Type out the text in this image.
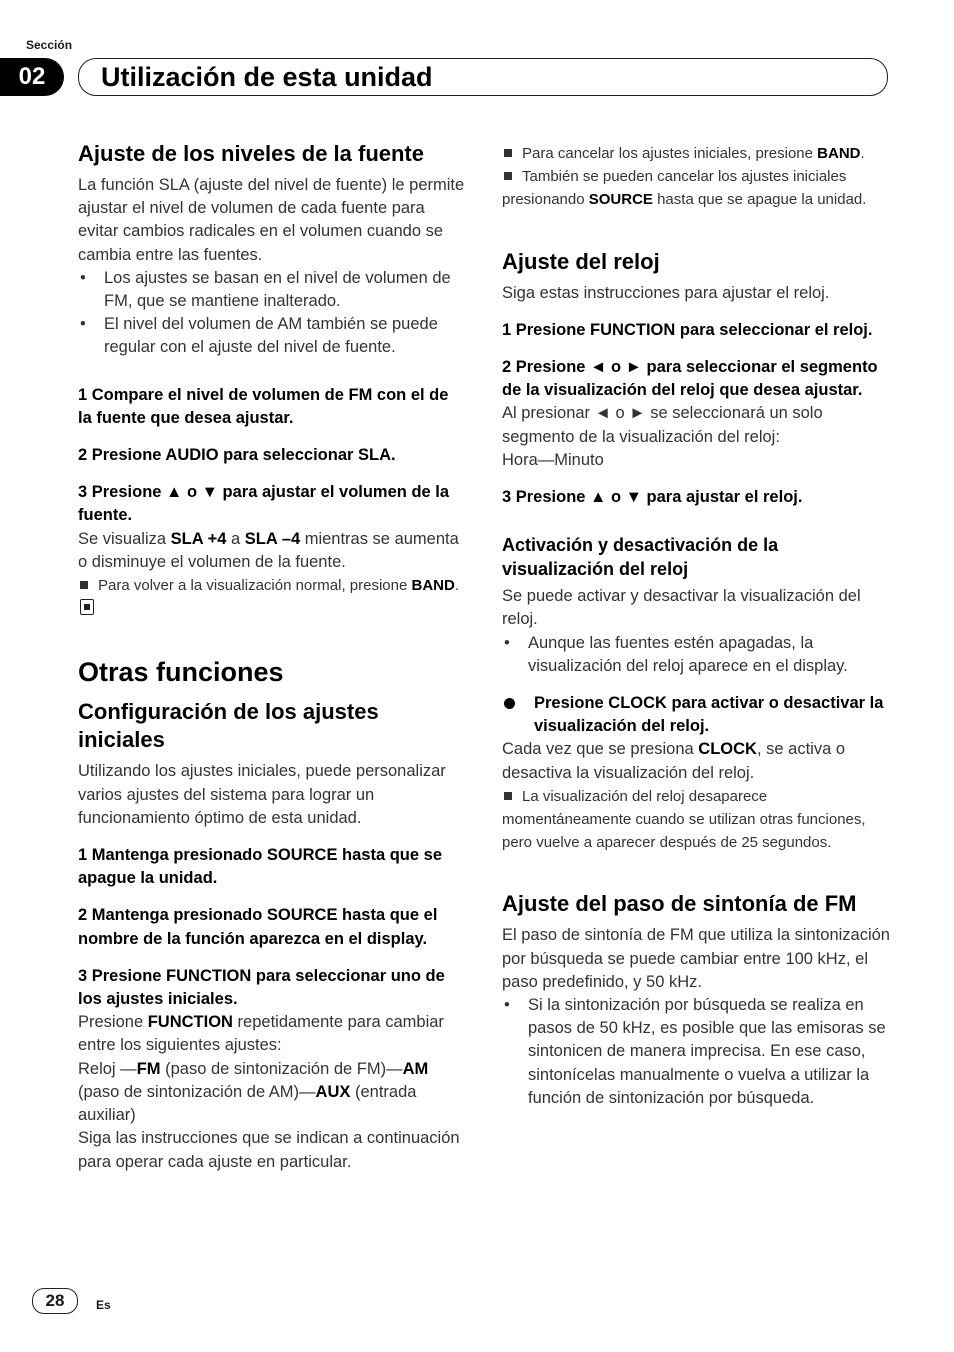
Sección
02	Utilización de esta unidad
Ajuste de los niveles de la fuente

La función SLA (ajuste del nivel de fuente) le permite ajustar el nivel de volumen de cada fuente para evitar cambios radicales en el volumen cuando se cambia entre las fuentes.

• Los ajustes se basan en el nivel de volumen de FM, que se mantiene inalterado.
• El nivel del volumen de AM también se puede regular con el ajuste del nivel de fuente.

1 Compare el nivel de volumen de FM con el de la fuente que desea ajustar.

2 Presione AUDIO para seleccionar SLA.

3 Presione ▲ o ▼ para ajustar el volumen de la fuente.

Se visualiza SLA +4 a SLA –4 mientras se aumenta o disminuye el volumen de la fuente.

Para volver a la visualización normal, presione BAND.

Otras funciones
Configuración de los ajustes iniciales

Utilizando los ajustes iniciales, puede personalizar varios ajustes del sistema para lograr un funcionamiento óptimo de esta unidad.

1 Mantenga presionado SOURCE hasta que se apague la unidad.

2 Mantenga presionado SOURCE hasta que el nombre de la función aparezca en el display.

3 Presione FUNCTION para seleccionar uno de los ajustes iniciales.

Presione FUNCTION repetidamente para cambiar entre los siguientes ajustes:

Reloj —FM (paso de sintonización de FM)—AM (paso de sintonización de AM)—AUX (entrada auxiliar)

Siga las instrucciones que se indican a continuación para operar cada ajuste en particular.

Para cancelar los ajustes iniciales, presione BAND.

También se pueden cancelar los ajustes iniciales presionando SOURCE hasta que se apague la unidad.

Ajuste del reloj

Siga estas instrucciones para ajustar el reloj.

1 Presione FUNCTION para seleccionar el reloj.

2 Presione ◄ o ► para seleccionar el segmento de la visualización del reloj que desea ajustar.

Al presionar ◄ o ► se seleccionará un solo segmento de la visualización del reloj:

Hora—Minuto

3 Presione ▲ o ▼ para ajustar el reloj.

Activación y desactivación de la visualización del reloj

Se puede activar y desactivar la visualización del reloj.

• Aunque las fuentes estén apagadas, la visualización del reloj aparece en el display.
Presione CLOCK para activar o desactivar la visualización del reloj.

Cada vez que se presiona CLOCK, se activa o desactiva la visualización del reloj.

La visualización del reloj desaparece momentáneamente cuando se utilizan otras funciones, pero vuelve a aparecer después de 25 segundos.

Ajuste del paso de sintonía de FM

El paso de sintonía de FM que utiliza la sintonización por búsqueda se puede cambiar entre 100 kHz, el paso predefinido, y 50 kHz.

• Si la sintonización por búsqueda se realiza en pasos de 50 kHz, es posible que las emisoras se sintonicen de manera imprecisa. En ese caso, sintonícelas manualmente o vuelva a utilizar la función de sintonización por búsqueda.
28	Es
